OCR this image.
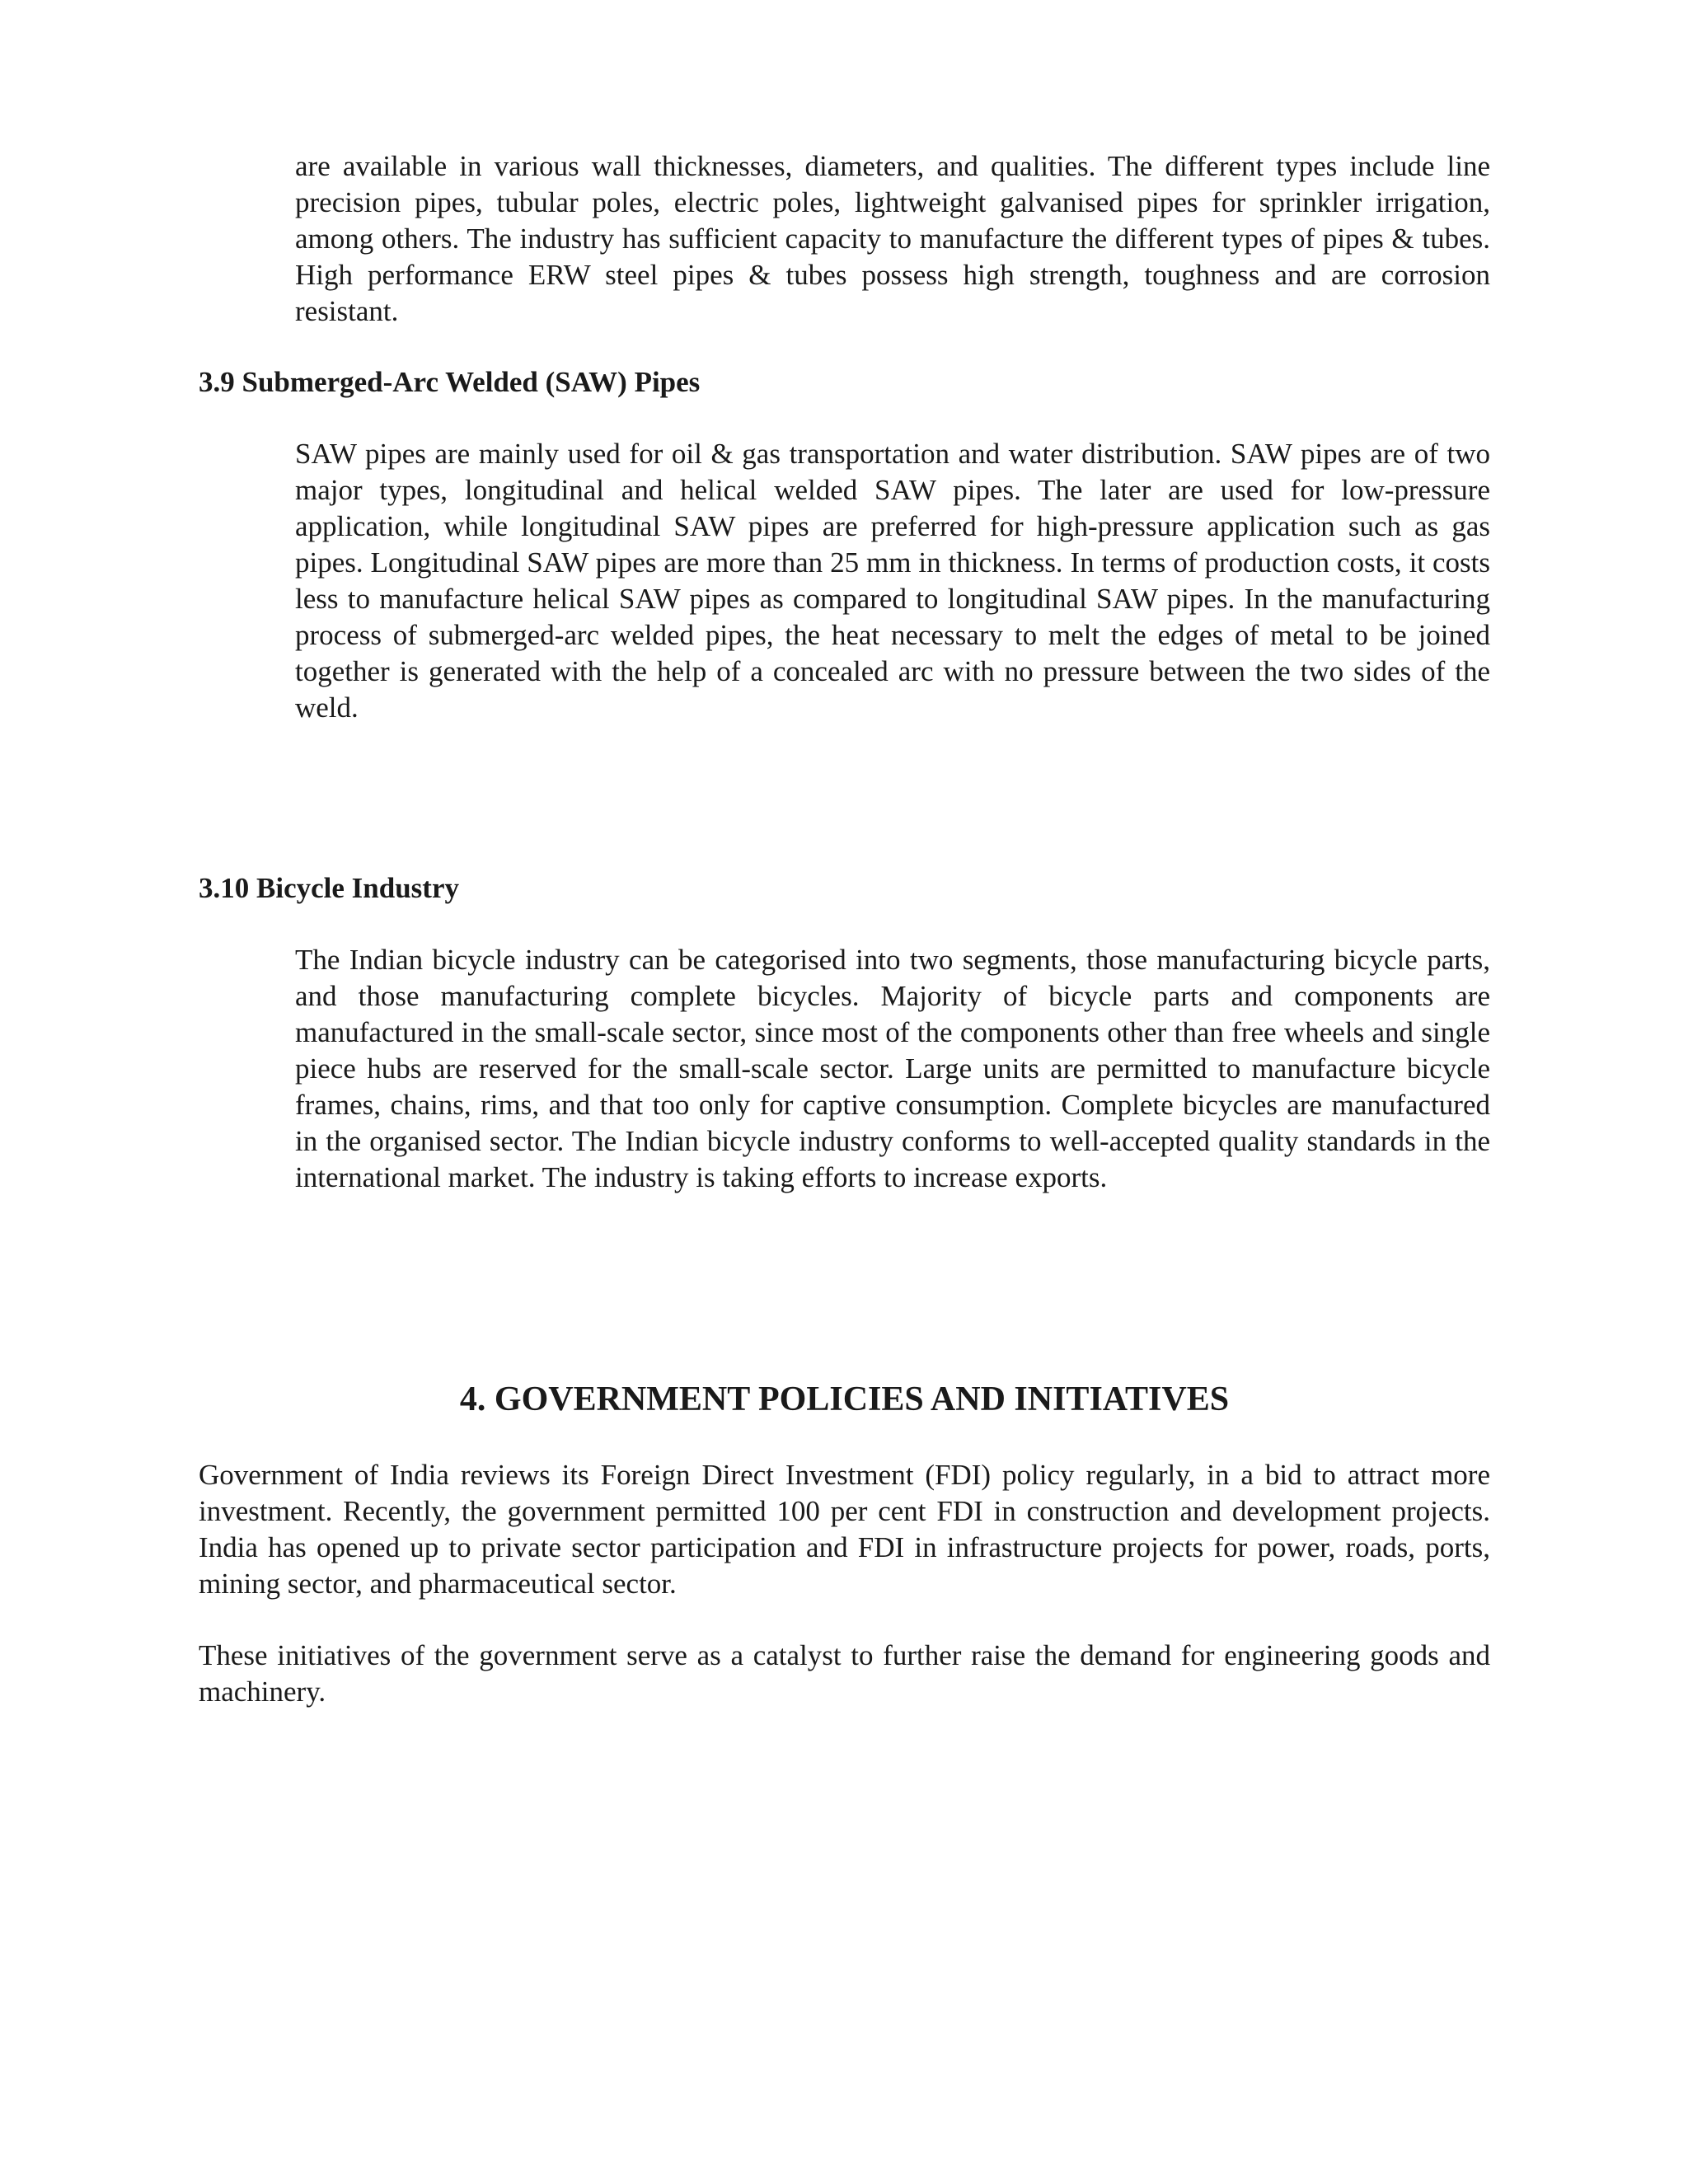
are available in various wall thicknesses, diameters, and qualities. The different types include line precision pipes, tubular poles, electric poles, lightweight galvanised pipes for sprinkler irrigation, among others. The industry has sufficient capacity to manufacture the different types of pipes & tubes. High performance ERW steel pipes & tubes possess high strength, toughness and are corrosion resistant.

3.9 Submerged-Arc Welded (SAW) Pipes

SAW pipes are mainly used for oil & gas transportation and water distribution. SAW pipes are of two major types, longitudinal and helical welded SAW pipes. The later are used for low-pressure application, while longitudinal SAW pipes are preferred for high-pressure application such as gas pipes. Longitudinal SAW pipes are more than 25 mm in thickness. In terms of production costs, it costs less to manufacture helical SAW pipes as compared to longitudinal SAW pipes. In the manufacturing process of submerged-arc welded pipes, the heat necessary to melt the edges of metal to be joined together is generated with the help of a concealed arc with no pressure between the two sides of the weld.

3.10 Bicycle Industry

The Indian bicycle industry can be categorised into two segments, those manufacturing bicycle parts, and those manufacturing complete bicycles. Majority of bicycle parts and components are manufactured in the small-scale sector, since most of the components other than free wheels and single piece hubs are reserved for the small-scale sector. Large units are permitted to manufacture bicycle frames, chains, rims, and that too only for captive consumption. Complete bicycles are manufactured in the organised sector. The Indian bicycle industry conforms to well-accepted quality standards in the international market. The industry is taking efforts to increase exports.

4. GOVERNMENT POLICIES AND INITIATIVES

Government of India reviews its Foreign Direct Investment (FDI) policy regularly, in a bid to attract more investment. Recently, the government permitted 100 per cent FDI in construction and development projects. India has opened up to private sector participation and FDI in infrastructure projects for power, roads, ports, mining sector, and pharmaceutical sector.

These initiatives of the government serve as a catalyst to further raise the demand for engineering goods and machinery.
